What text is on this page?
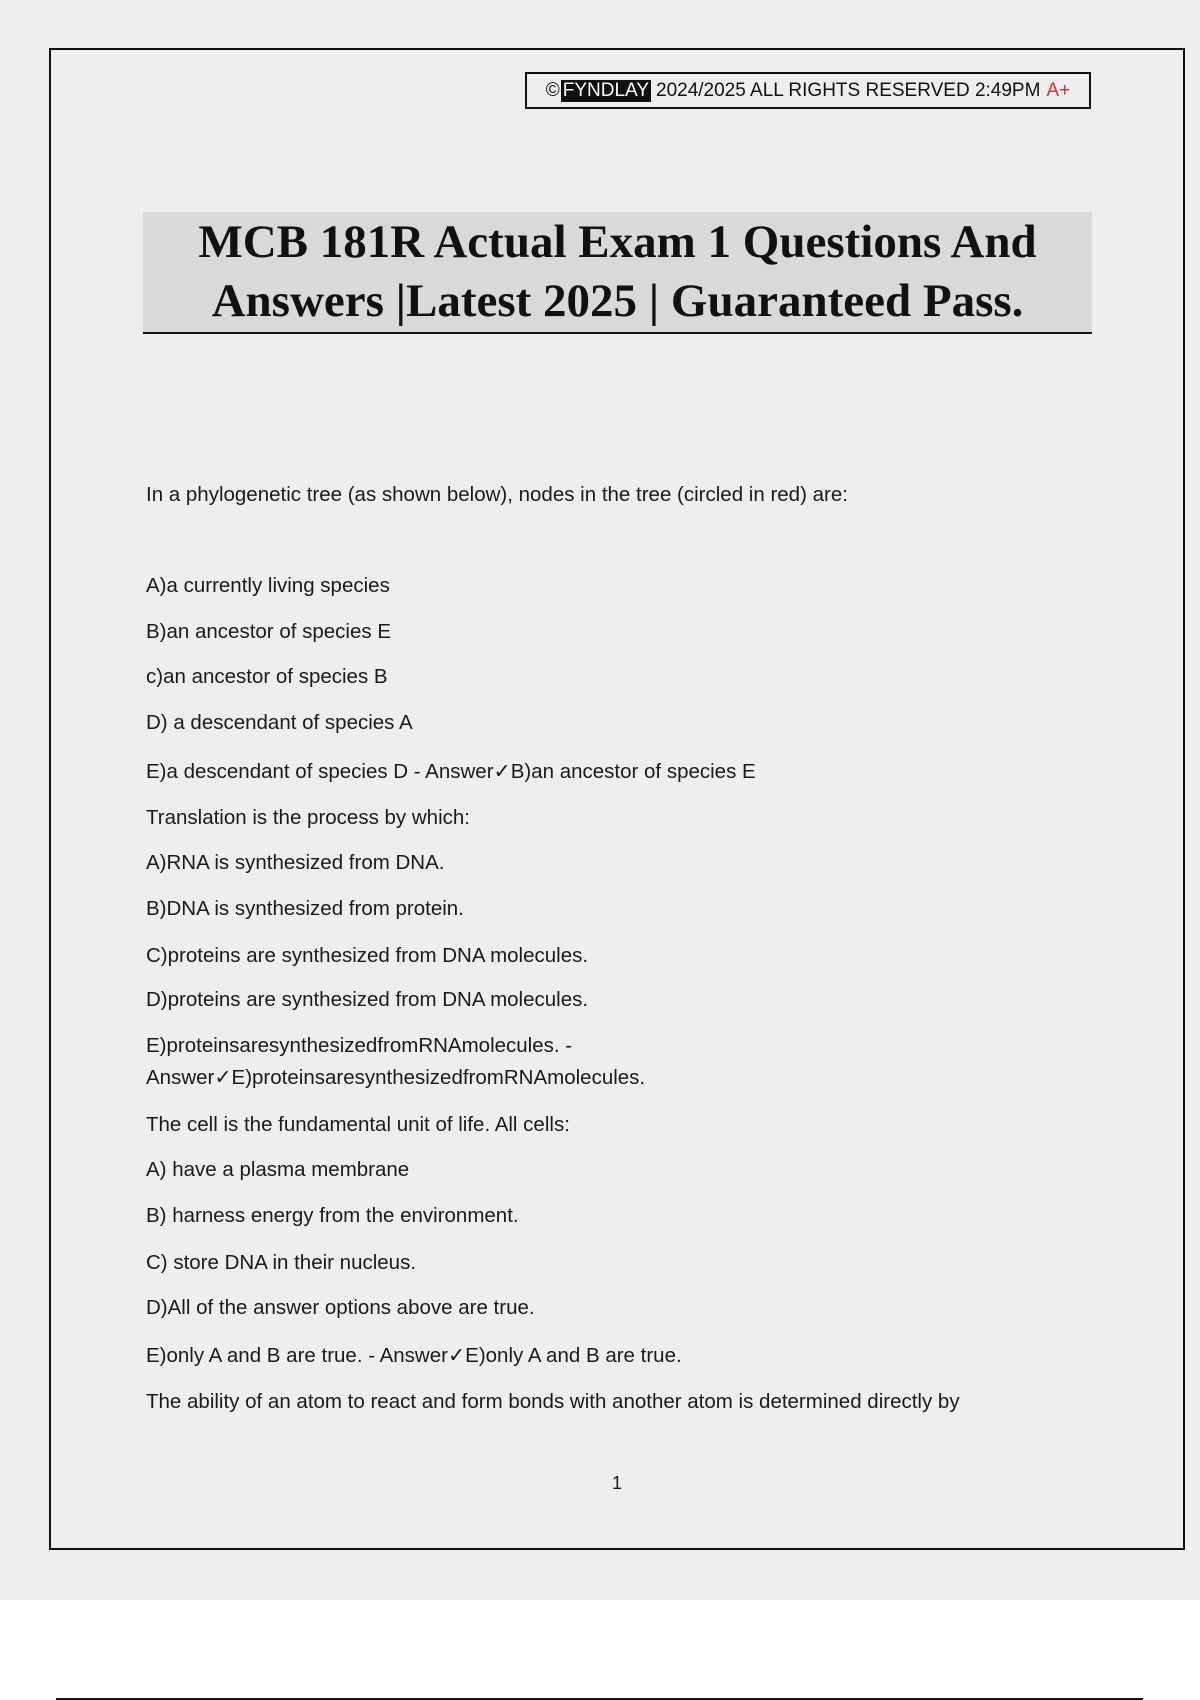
© FYNDLAY 2024/2025 ALL RIGHTS RESERVED 2:49PM A+
MCB 181R Actual Exam 1 Questions And
Answers |Latest 2025 | Guaranteed Pass.
In a phylogenetic tree (as shown below), nodes in the tree (circled in red) are:
A)a currently living species
B)an ancestor of species E
c)an ancestor of species B
D) a descendant of species A
E)a descendant of species D - Answer✓B)an ancestor of species E
Translation is the process by which:
A)RNA is synthesized from DNA.
B)DNA is synthesized from protein.
C)proteins are synthesized from DNA molecules.
D)proteins are synthesized from DNA molecules.
E)proteinsaresynthesizedfromRNAmolecules. -
Answer✓E)proteinsaresynthesizedfromRNAmolecules.
The cell is the fundamental unit of life. All cells:
A) have a plasma membrane
B) harness energy from the environment.
C) store DNA in their nucleus.
D)All of the answer options above are true.
E)only A and B are true. - Answer✓E)only A and B are true.
The ability of an atom to react and form bonds with another atom is determined directly by
1
